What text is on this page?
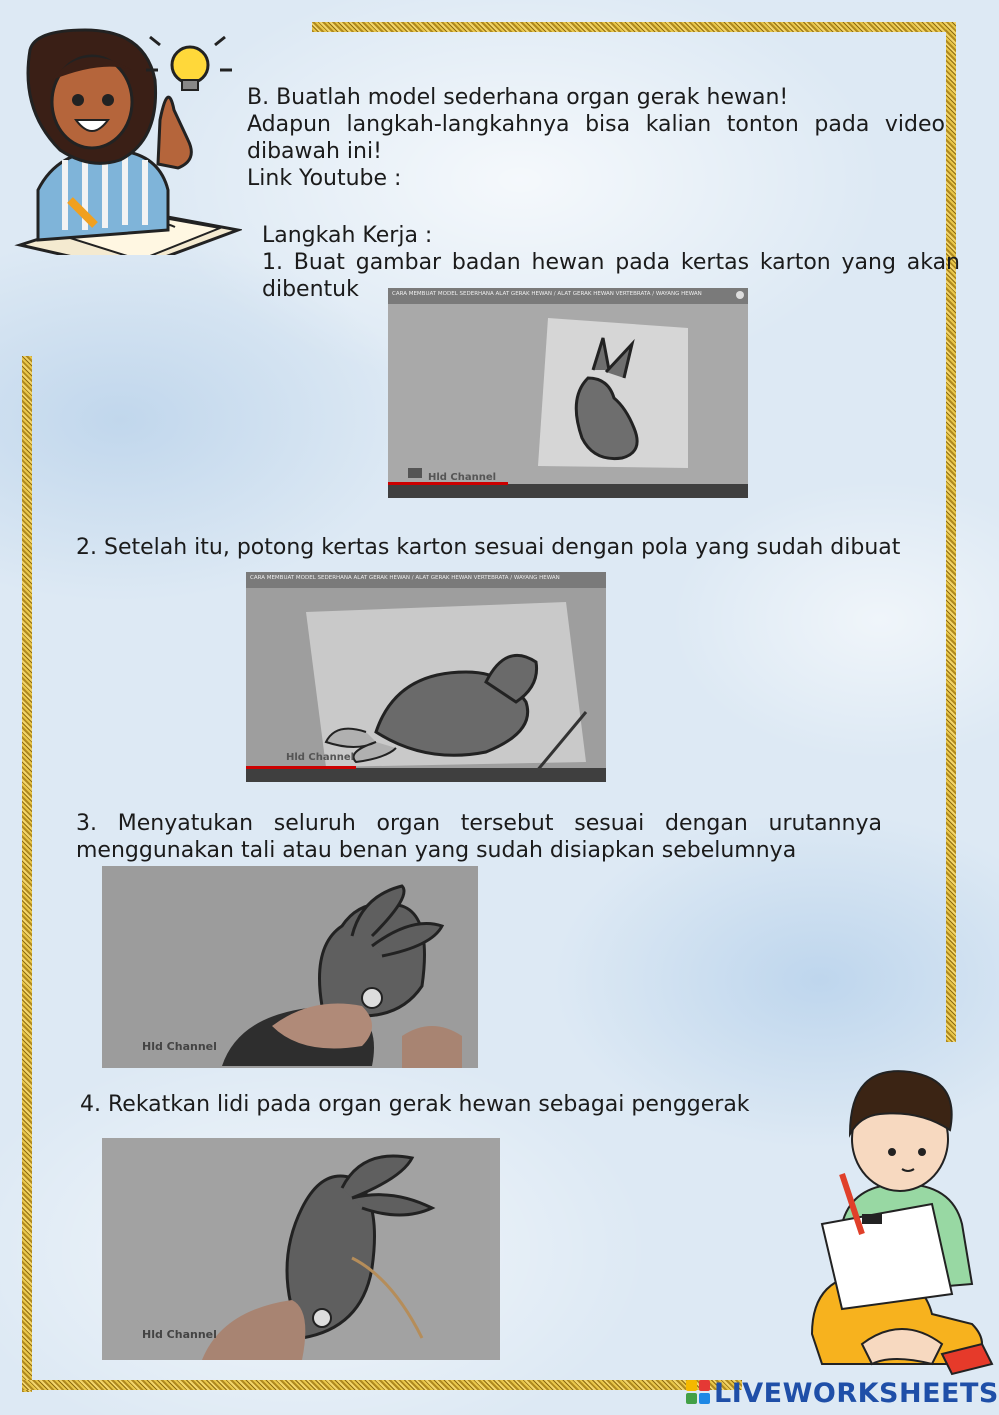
B. Buatlah model sederhana organ gerak hewan!
Adapun langkah-langkahnya bisa kalian tonton pada video dibawah ini!
Link Youtube :
Langkah Kerja :
1. Buat gambar badan hewan pada kertas karton yang akan dibentuk	CARA MEMBUAT MODEL SEDERHANA ALAT GERAK HEWAN / ALAT GERAK HEWAN VERTEBRATA / WAYANG HEWAN
Hld Channel
2. Setelah itu, potong kertas karton sesuai dengan pola yang sudah dibuat
CARA MEMBUAT MODEL SEDERHANA ALAT GERAK HEWAN / ALAT GERAK HEWAN VERTEBRATA / WAYANG HEWAN
Hld Channel
3. Menyatukan seluruh organ tersebut sesuai dengan urutannya menggunakan tali atau benan yang sudah disiapkan sebelumnya
Hld Channel
4. Rekatkan lidi pada organ gerak hewan sebagai penggerak
Hld Channel
LIVEWORKSHEETS
